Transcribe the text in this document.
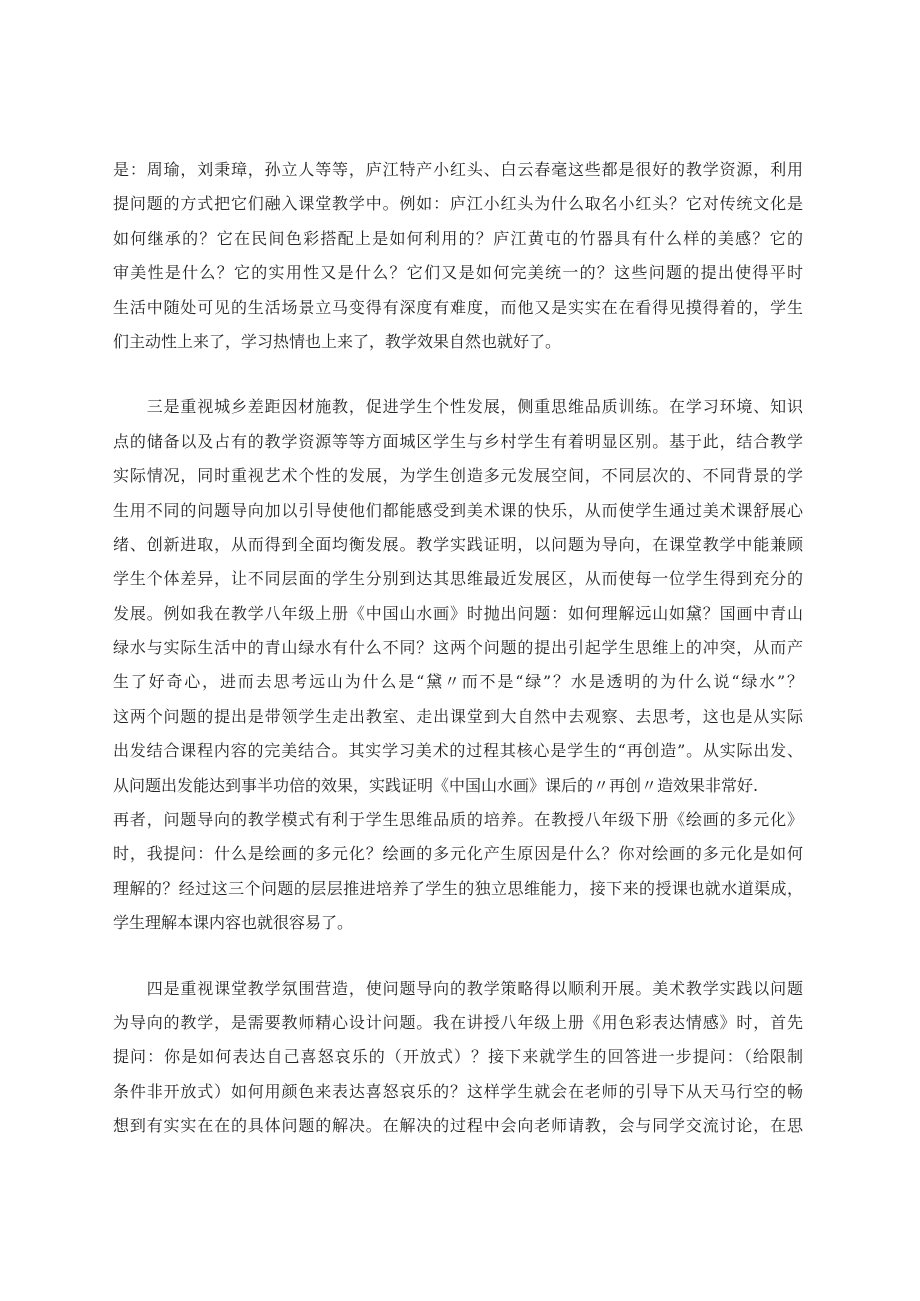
是：周瑜，刘秉璋，孙立人等等，庐江特产小红头、白云春毫这些都是很好的教学资源，利用
提问题的方式把它们融入课堂教学中。例如：庐江小红头为什么取名小红头？它对传统文化是
如何继承的？它在民间色彩搭配上是如何利用的？庐江黄屯的竹器具有什么样的美感？它的
审美性是什么？它的实用性又是什么？它们又是如何完美统一的？这些问题的提出使得平时
生活中随处可见的生活场景立马变得有深度有难度，而他又是实实在在看得见摸得着的，学生
们主动性上来了，学习热情也上来了，教学效果自然也就好了。
　　三是重视城乡差距因材施教，促进学生个性发展，侧重思维品质训练。在学习环境、知识
点的储备以及占有的教学资源等等方面城区学生与乡村学生有着明显区别。基于此，结合教学
实际情况，同时重视艺术个性的发展，为学生创造多元发展空间，不同层次的、不同背景的学
生用不同的问题导向加以引导使他们都能感受到美术课的快乐，从而使学生通过美术课舒展心
绪、创新进取，从而得到全面均衡发展。教学实践证明，以问题为导向，在课堂教学中能兼顾
学生个体差异，让不同层面的学生分别到达其思维最近发展区，从而使每一位学生得到充分的
发展。例如我在教学八年级上册《中国山水画》时抛出问题：如何理解远山如黛？国画中青山
绿水与实际生活中的青山绿水有什么不同？这两个问题的提出引起学生思维上的冲突，从而产
生了好奇心，进而去思考远山为什么是“黛〃而不是“绿”？水是透明的为什么说“绿水”？
这两个问题的提出是带领学生走出教室、走出课堂到大自然中去观察、去思考，这也是从实际
出发结合课程内容的完美结合。其实学习美术的过程其核心是学生的“再创造”。从实际出发、
从问题出发能达到事半功倍的效果，实践证明《中国山水画》课后的〃再创〃造效果非常好.
再者，问题导向的教学模式有利于学生思维品质的培养。在教授八年级下册《绘画的多元化》
时，我提问：什么是绘画的多元化？绘画的多元化产生原因是什么？你对绘画的多元化是如何
理解的？经过这三个问题的层层推进培养了学生的独立思维能力，接下来的授课也就水道渠成，
学生理解本课内容也就很容易了。
　　四是重视课堂教学氛围营造，使问题导向的教学策略得以顺利开展。美术教学实践以问题
为导向的教学，是需要教师精心设计问题。我在讲授八年级上册《用色彩表达情感》时，首先
提问：你是如何表达自己喜怒哀乐的（开放式）？接下来就学生的回答进一步提问：（给限制
条件非开放式）如何用颜色来表达喜怒哀乐的？这样学生就会在老师的引导下从天马行空的畅
想到有实实在在的具体问题的解决。在解决的过程中会向老师请教，会与同学交流讨论，在思
